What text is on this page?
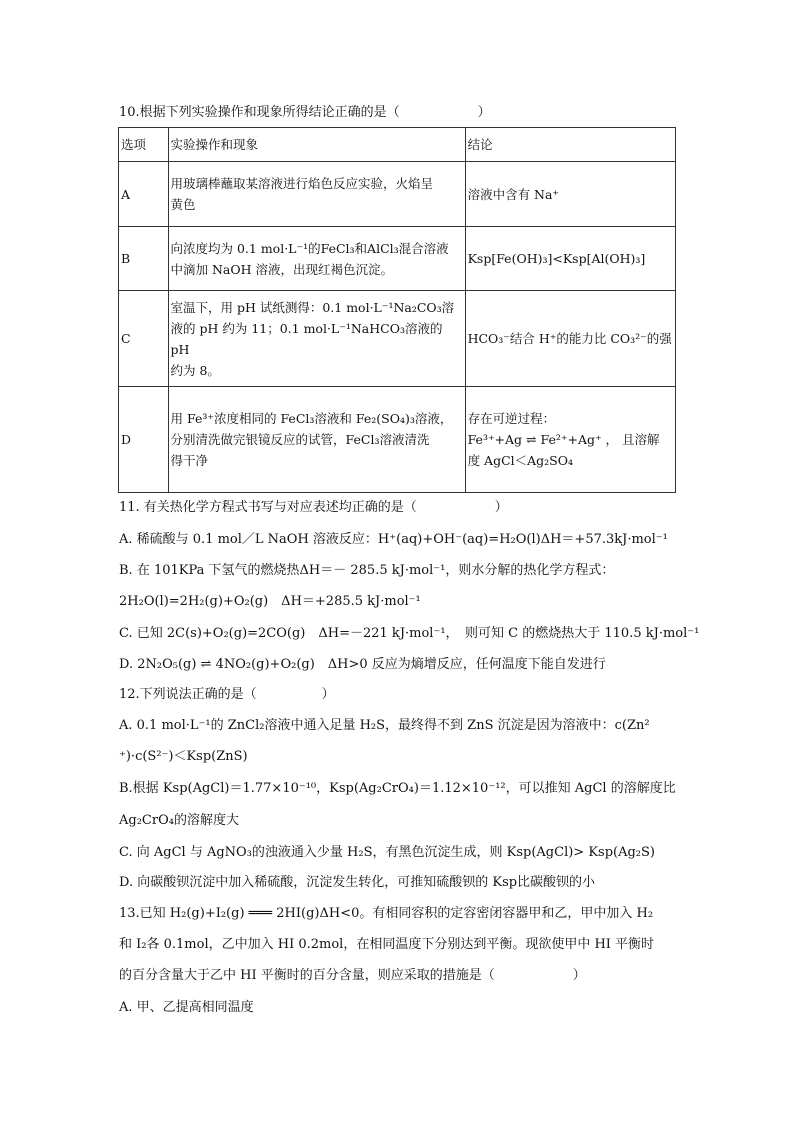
10.根据下列实验操作和现象所得结论正确的是（　　　　　　）
选项	实验操作和现象	结论
A	用玻璃棒蘸取某溶液进行焰色反应实验，火焰呈
黄色	溶液中含有 Na⁺

B	向浓度均为 0.1 mol·L⁻¹的FeCl₃和AlCl₃混合溶液
中滴加 NaOH 溶液，出现红褐色沉淀。	Ksp[Fe(OH)₃]<Ksp[Al(OH)₃]

C	室温下，用 pH 试纸测得：0.1 mol·L⁻¹Na₂CO₃溶
液的 pH 约为 11；0.1 mol·L⁻¹NaHCO₃溶液的 pH
约为 8。	HCO₃⁻结合 H⁺的能力比 CO₃²⁻的强

D	用 Fe³⁺浓度相同的 FeCl₃溶液和 Fe₂(SO₄)₃溶液，
分别清洗做完银镜反应的试管，FeCl₃溶液清洗
得干净	存在可逆过程：
Fe³⁺+Ag ⇌ Fe²⁺+Ag⁺ ， 且溶解
度 AgCl＜Ag₂SO₄
11. 有关热化学方程式书写与对应表述均正确的是（　　　　　　）
A. 稀硫酸与 0.1 mol／L NaOH 溶液反应：H⁺(aq)+OH⁻(aq)=H₂O(l)ΔH＝+57.3kJ·mol⁻¹
B. 在 101KPa 下氢气的燃烧热ΔH＝－ 285.5 kJ·mol⁻¹，则水分解的热化学方程式：
2H₂O(l)=2H₂(g)+O₂(g)　ΔH＝+285.5 kJ·mol⁻¹
C. 已知 2C(s)+O₂(g)=2CO(g)　ΔH=－221 kJ·mol⁻¹，　则可知 C 的燃烧热大于 110.5 kJ·mol⁻¹
D. 2N₂O₅(g) ⇌ 4NO₂(g)+O₂(g)　ΔH>0 反应为熵增反应，任何温度下能自发进行
12.下列说法正确的是（　　　　　）
A. 0.1 mol·L⁻¹的 ZnCl₂溶液中通入足量 H₂S，最终得不到 ZnS 沉淀是因为溶液中：c(Zn²
⁺)·c(S²⁻)＜Ksp(ZnS)
B.根据 Ksp(AgCl)＝1.77×10⁻¹⁰，Ksp(Ag₂CrO₄)＝1.12×10⁻¹²，可以推知 AgCl 的溶解度比
Ag₂CrO₄的溶解度大
C. 向 AgCl 与 AgNO₃的浊液通入少量 H₂S，有黑色沉淀生成，则 Ksp(AgCl)> Ksp(Ag₂S)
D. 向碳酸钡沉淀中加入稀硫酸，沉淀发生转化，可推知硫酸钡的 Ksp比碳酸钡的小
13.已知 H₂(g)+I₂(g) ═══ 2HI(g)ΔH<0。有相同容积的定容密闭容器甲和乙，甲中加入 H₂
和 I₂各 0.1mol，乙中加入 HI 0.2mol，在相同温度下分别达到平衡。现欲使甲中 HI 平衡时
的百分含量大于乙中 HI 平衡时的百分含量，则应采取的措施是（　　　　　　）
A. 甲、乙提高相同温度
